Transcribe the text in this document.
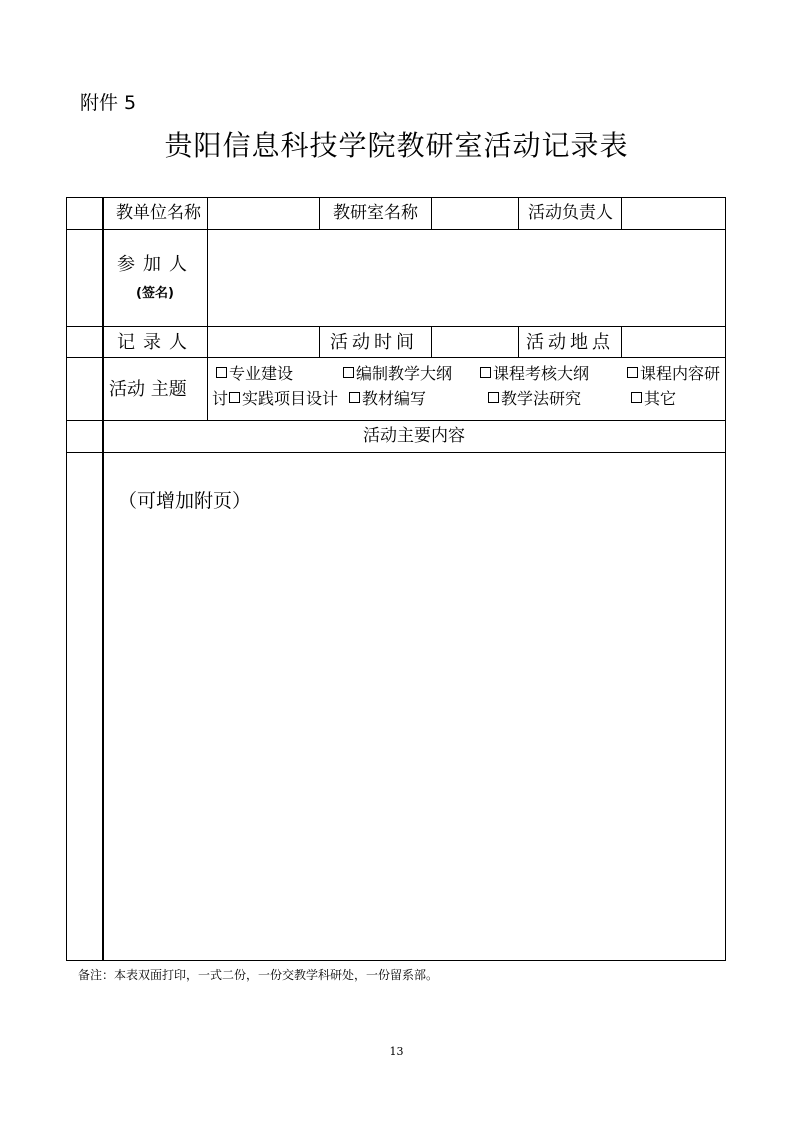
附件 5
贵阳信息科技学院教研室活动记录表
教单位名称	教研室名称	活动负责人
参加人
(签名)
记录人	活动时间	活动地点
活动 主题
专业建设	编制教学大纲	课程考核大纲	课程内容研
讨 实践项目设计	教材编写	教学法研究	其它
活动主要内容
（可增加附页）
备注：本表双面打印，一式二份，一份交教学科研处，一份留系部。
13
